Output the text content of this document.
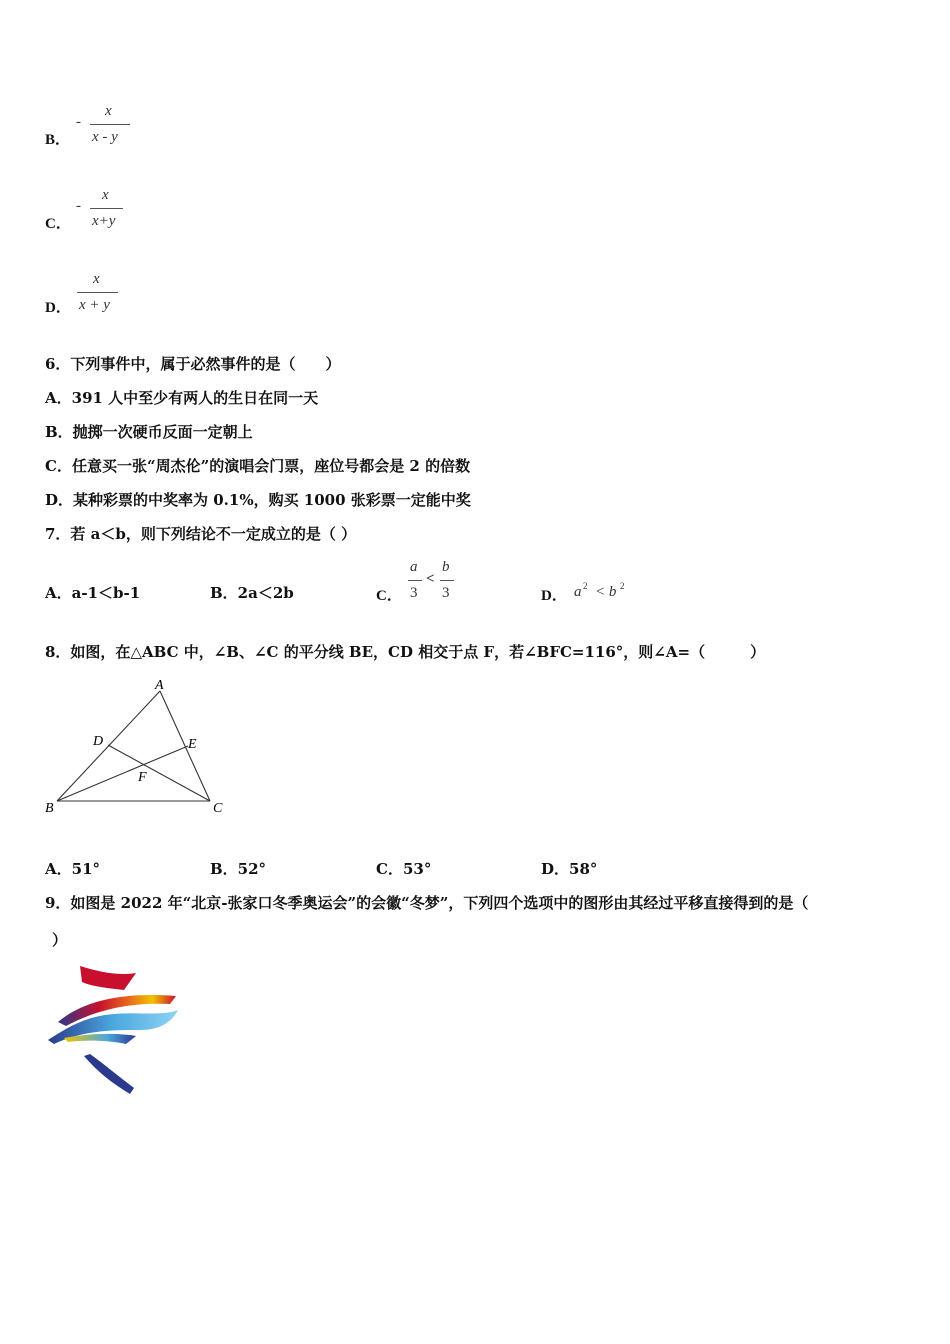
B．
-
x
x - y
C．
-
x
x+y
D．
x
x + y
6．下列事件中，属于必然事件的是（　　）
A．391 人中至少有两人的生日在同一天
B．抛掷一次硬币反面一定朝上
C．任意买一张“周杰伦”的演唱会门票，座位号都会是 2 的倍数
D．某种彩票的中奖率为 0.1%，购买 1000 张彩票一定能中奖
7．若 a＜b，则下列结论不一定成立的是（ ）
A．a-1＜b-1	B．2a＜2b	C．
a
3
<
b
3	D． a 2 < b 2
8．如图，在△ABC 中，∠B、∠C 的平分线 BE，CD 相交于点 F，若∠BFC=116°，则∠A=（　　　）
A
B	C
D	E
F
A．51°	B．52°	C．53°	D．58°
9．如图是 2022 年“北京-张家口冬季奥运会”的会徽“冬梦”，下列四个选项中的图形由其经过平移直接得到的是（
）
